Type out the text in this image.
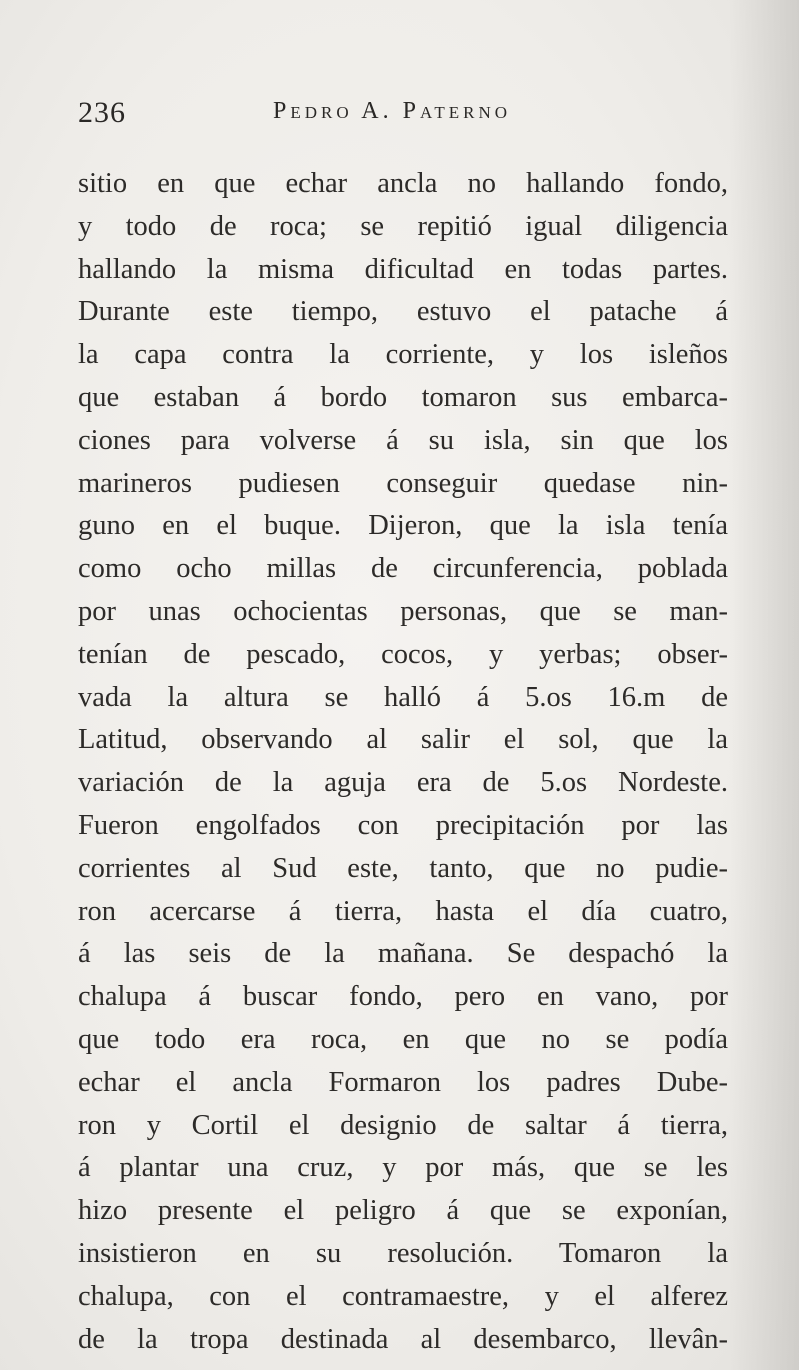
236	Pedro A. Paterno
sitio en que echar ancla no hallando fondo,
y todo de roca; se repitió igual diligencia
hallando la misma dificultad en todas partes.
Durante este tiempo, estuvo el patache á
la capa contra la corriente, y los isleños
que estaban á bordo tomaron sus embarca-
ciones para volverse á su isla, sin que los
marineros pudiesen conseguir quedase nin-
guno en el buque. Dijeron, que la isla tenía
como ocho millas de circunferencia, poblada
por unas ochocientas personas, que se man-
tenían de pescado, cocos, y yerbas; obser-
vada la altura se halló á 5.os 16.m de
Latitud, observando al salir el sol, que la
variación de la aguja era de 5.os Nordeste.
Fueron engolfados con precipitación por las
corrientes al Sud este, tanto, que no pudie-
ron acercarse á tierra, hasta el día cuatro,
á las seis de la mañana. Se despachó la
chalupa á buscar fondo, pero en vano, por
que todo era roca, en que no se podía
echar el ancla Formaron los padres Dube-
ron y Cortil el designio de saltar á tierra,
á plantar una cruz, y por más, que se les
hizo presente el peligro á que se exponían,
insistieron en su resolución. Tomaron la
chalupa, con el contramaestre, y el alferez
de la tropa destinada al desembarco, llevân-
